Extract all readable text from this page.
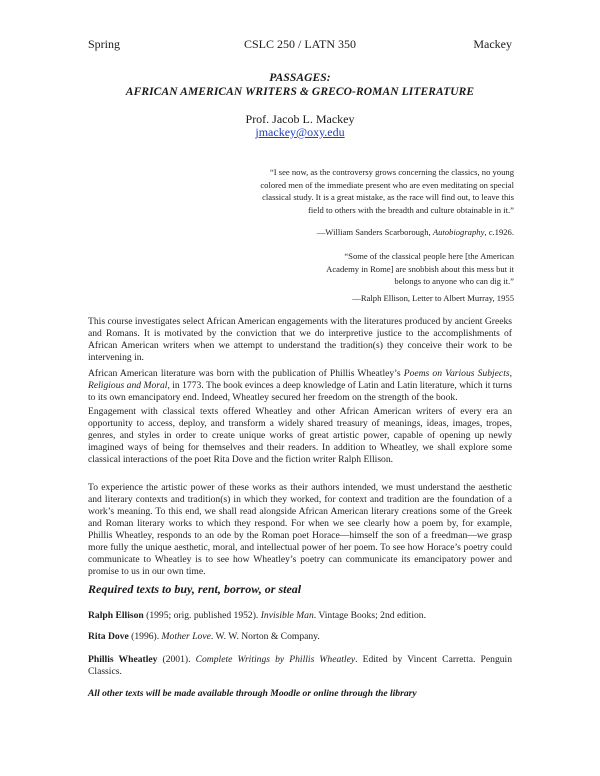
Spring	CSLC 250 / LATN 350	Mackey
PASSAGES:
AFRICAN AMERICAN WRITERS & GRECO-ROMAN LITERATURE
Prof. Jacob L. Mackey
jmackey@oxy.edu
“I see now, as the controversy grows concerning the classics, no young colored men of the immediate present who are even meditating on special classical study. It is a great mistake, as the race will find out, to leave this field to others with the breadth and culture obtainable in it.”
—William Sanders Scarborough, Autobiography, c.1926.
“Some of the classical people here [the American Academy in Rome] are snobbish about this mess but it belongs to anyone who can dig it.”
—Ralph Ellison, Letter to Albert Murray, 1955
This course investigates select African American engagements with the literatures produced by ancient Greeks and Romans. It is motivated by the conviction that we do interpretive justice to the accomplishments of African American writers when we attempt to understand the tradition(s) they conceive their work to be intervening in.
African American literature was born with the publication of Phillis Wheatley’s Poems on Various Subjects, Religious and Moral, in 1773. The book evinces a deep knowledge of Latin and Latin literature, which it turns to its own emancipatory end. Indeed, Wheatley secured her freedom on the strength of the book.
Engagement with classical texts offered Wheatley and other African American writers of every era an opportunity to access, deploy, and transform a widely shared treasury of meanings, ideas, images, tropes, genres, and styles in order to create unique works of great artistic power, capable of opening up newly imagined ways of being for themselves and their readers. In addition to Wheatley, we shall explore some classical interactions of the poet Rita Dove and the fiction writer Ralph Ellison.
To experience the artistic power of these works as their authors intended, we must understand the aesthetic and literary contexts and tradition(s) in which they worked, for context and tradition are the foundation of a work’s meaning. To this end, we shall read alongside African American literary creations some of the Greek and Roman literary works to which they respond. For when we see clearly how a poem by, for example, Phillis Wheatley, responds to an ode by the Roman poet Horace—himself the son of a freedman—we grasp more fully the unique aesthetic, moral, and intellectual power of her poem. To see how Horace’s poetry could communicate to Wheatley is to see how Wheatley’s poetry can communicate its emancipatory power and promise to us in our own time.
Required texts to buy, rent, borrow, or steal
Ralph Ellison (1995; orig. published 1952). Invisible Man. Vintage Books; 2nd edition.
Rita Dove (1996). Mother Love. W. W. Norton & Company.
Phillis Wheatley (2001). Complete Writings by Phillis Wheatley. Edited by Vincent Carretta. Penguin Classics.
All other texts will be made available through Moodle or online through the library
